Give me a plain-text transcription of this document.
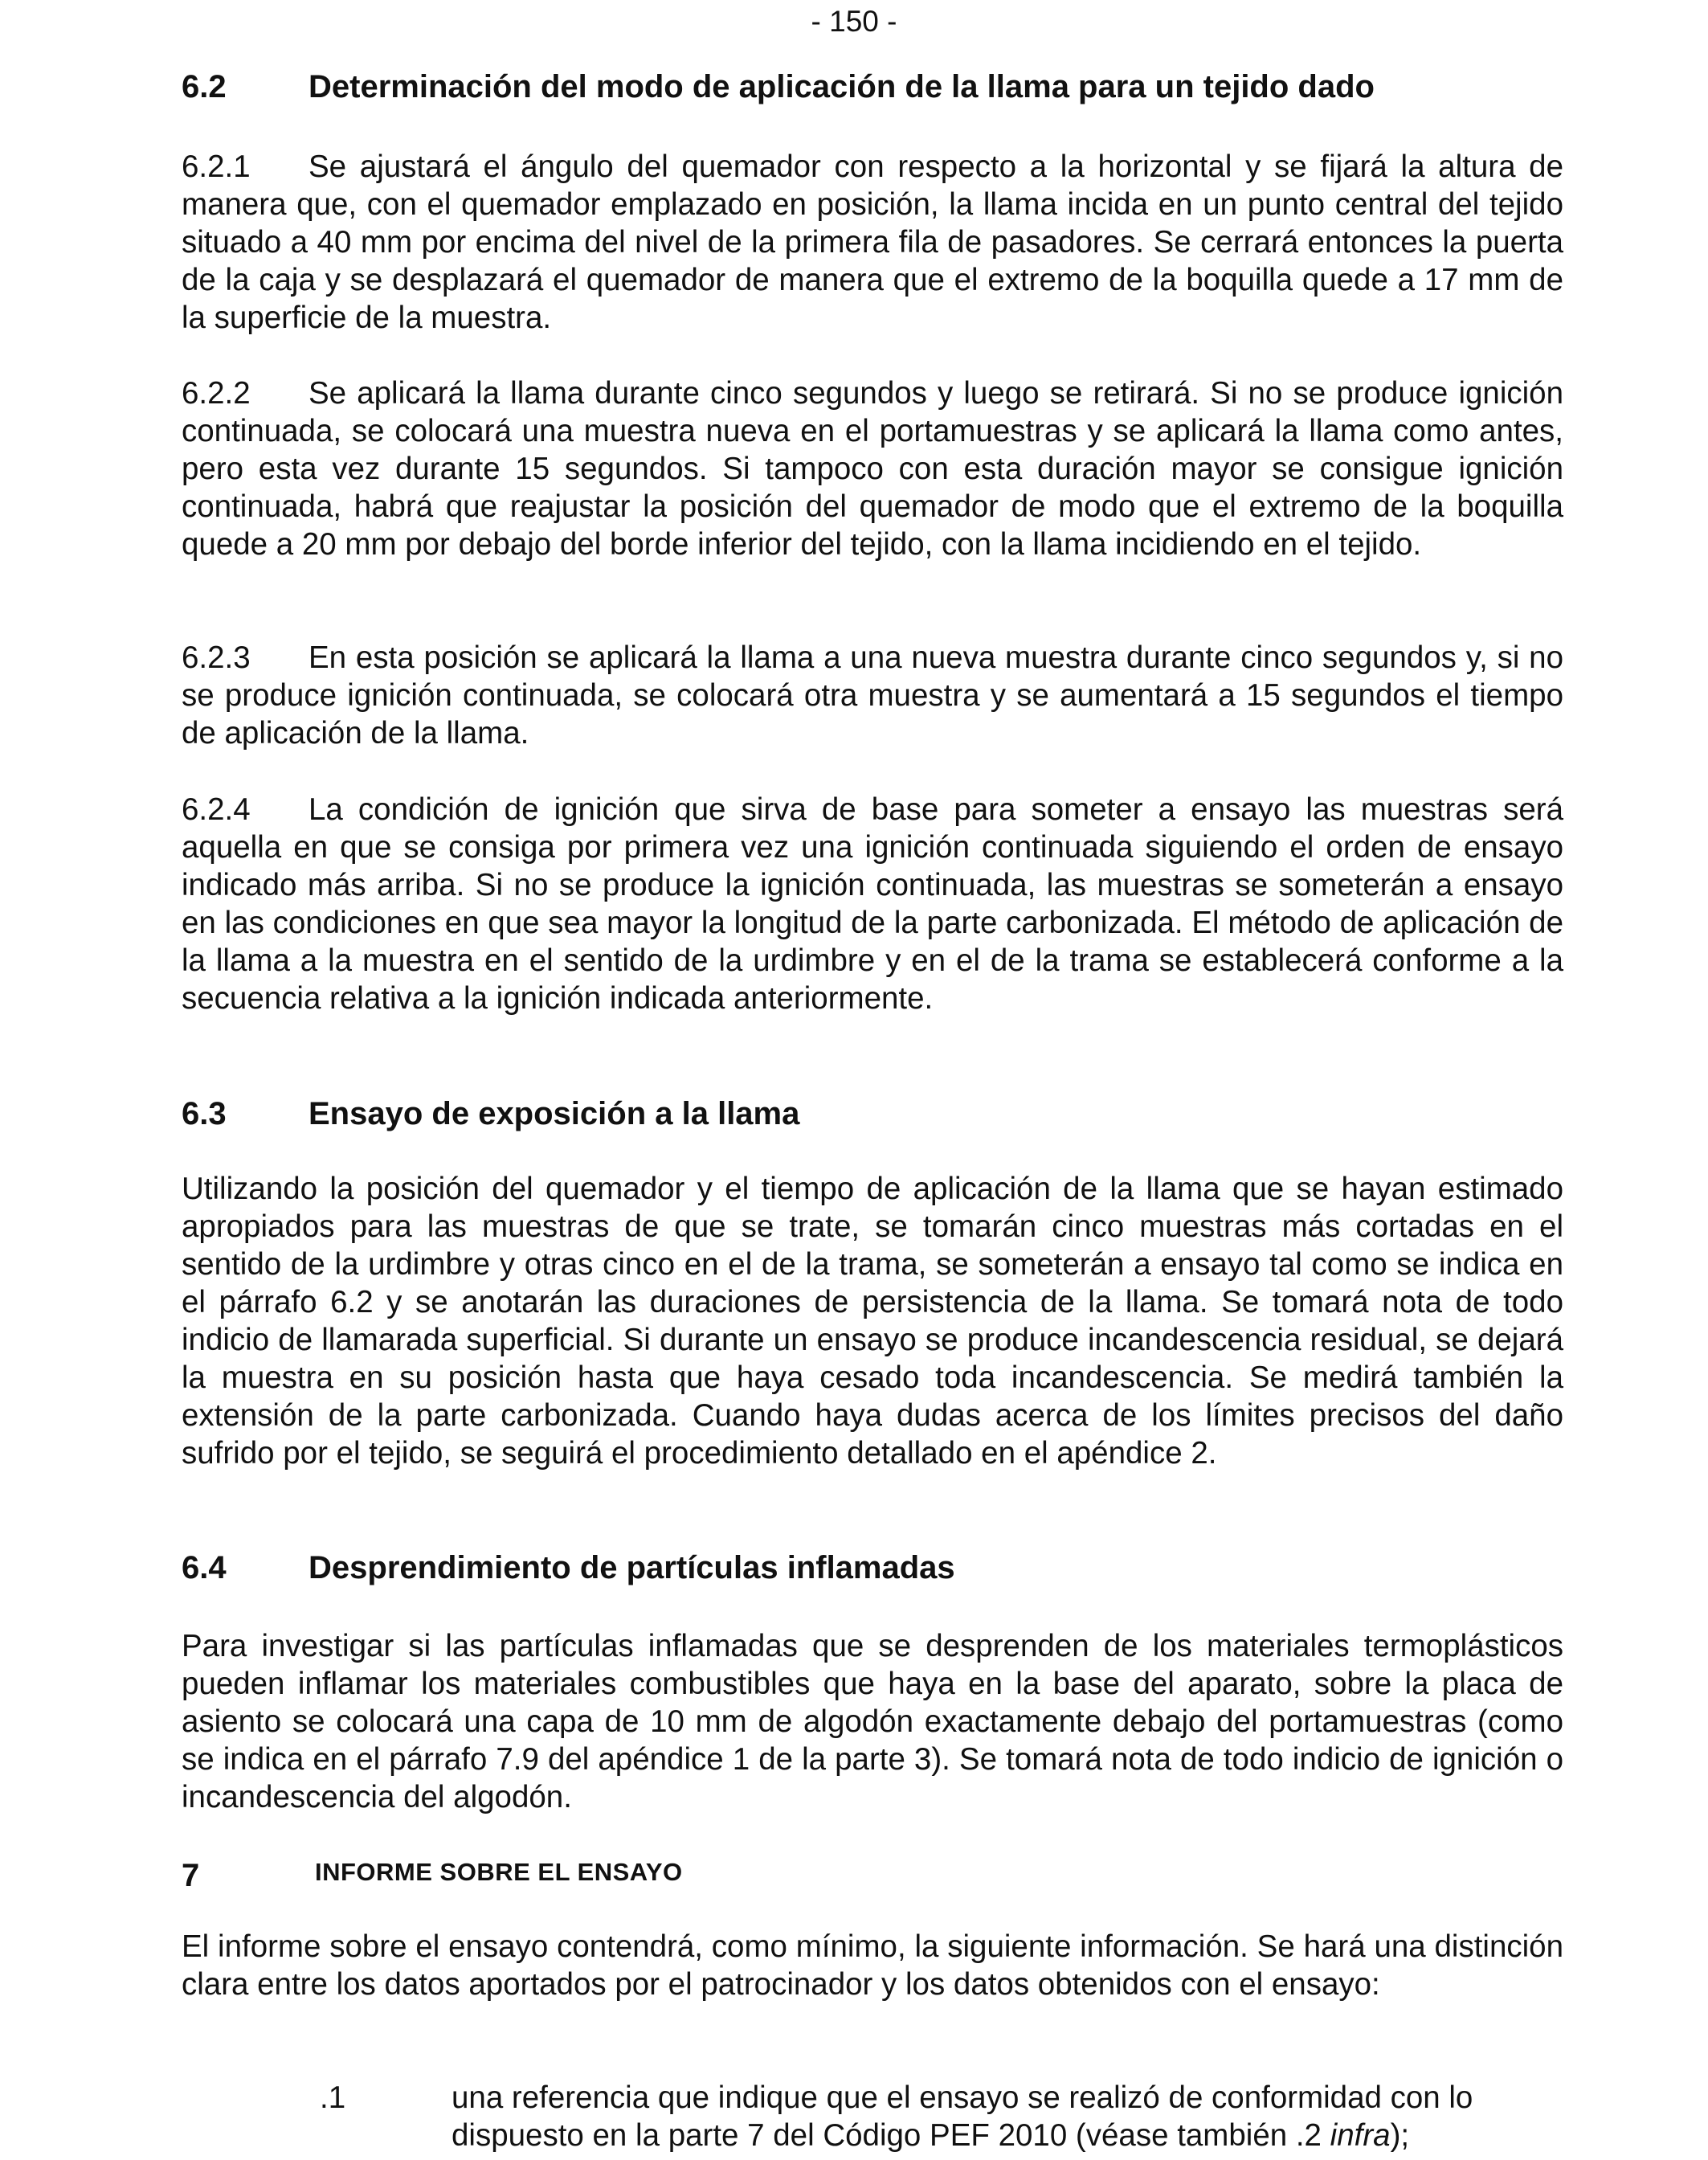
- 150 -
6.2	Determinación del modo de aplicación de la llama para un tejido dado
6.2.1 Se ajustará el ángulo del quemador con respecto a la horizontal y se fijará la altura de manera que, con el quemador emplazado en posición, la llama incida en un punto central del tejido situado a 40 mm por encima del nivel de la primera fila de pasadores. Se cerrará entonces la puerta de la caja y se desplazará el quemador de manera que el extremo de la boquilla quede a 17 mm de la superficie de la muestra.
6.2.2 Se aplicará la llama durante cinco segundos y luego se retirará. Si no se produce ignición continuada, se colocará una muestra nueva en el portamuestras y se aplicará la llama como antes, pero esta vez durante 15 segundos. Si tampoco con esta duración mayor se consigue ignición continuada, habrá que reajustar la posición del quemador de modo que el extremo de la boquilla quede a 20 mm por debajo del borde inferior del tejido, con la llama incidiendo en el tejido.
6.2.3 En esta posición se aplicará la llama a una nueva muestra durante cinco segundos y, si no se produce ignición continuada, se colocará otra muestra y se aumentará a 15 segundos el tiempo de aplicación de la llama.
6.2.4 La condición de ignición que sirva de base para someter a ensayo las muestras será aquella en que se consiga por primera vez una ignición continuada siguiendo el orden de ensayo indicado más arriba. Si no se produce la ignición continuada, las muestras se someterán a ensayo en las condiciones en que sea mayor la longitud de la parte carbonizada. El método de aplicación de la llama a la muestra en el sentido de la urdimbre y en el de la trama se establecerá conforme a la secuencia relativa a la ignición indicada anteriormente.
6.3	Ensayo de exposición a la llama
Utilizando la posición del quemador y el tiempo de aplicación de la llama que se hayan estimado apropiados para las muestras de que se trate, se tomarán cinco muestras más cortadas en el sentido de la urdimbre y otras cinco en el de la trama, se someterán a ensayo tal como se indica en el párrafo 6.2 y se anotarán las duraciones de persistencia de la llama. Se tomará nota de todo indicio de llamarada superficial. Si durante un ensayo se produce incandescencia residual, se dejará la muestra en su posición hasta que haya cesado toda incandescencia. Se medirá también la extensión de la parte carbonizada. Cuando haya dudas acerca de los límites precisos del daño sufrido por el tejido, se seguirá el procedimiento detallado en el apéndice 2.
6.4	Desprendimiento de partículas inflamadas
Para investigar si las partículas inflamadas que se desprenden de los materiales termoplásticos pueden inflamar los materiales combustibles que haya en la base del aparato, sobre la placa de asiento se colocará una capa de 10 mm de algodón exactamente debajo del portamuestras (como se indica en el párrafo 7.9 del apéndice 1 de la parte 3). Se tomará nota de todo indicio de ignición o incandescencia del algodón.
7	INFORME SOBRE EL ENSAYO
El informe sobre el ensayo contendrá, como mínimo, la siguiente información. Se hará una distinción clara entre los datos aportados por el patrocinador y los datos obtenidos con el ensayo:
.1	una referencia que indique que el ensayo se realizó de conformidad con lo dispuesto en la parte 7 del Código PEF 2010 (véase también .2 infra);
